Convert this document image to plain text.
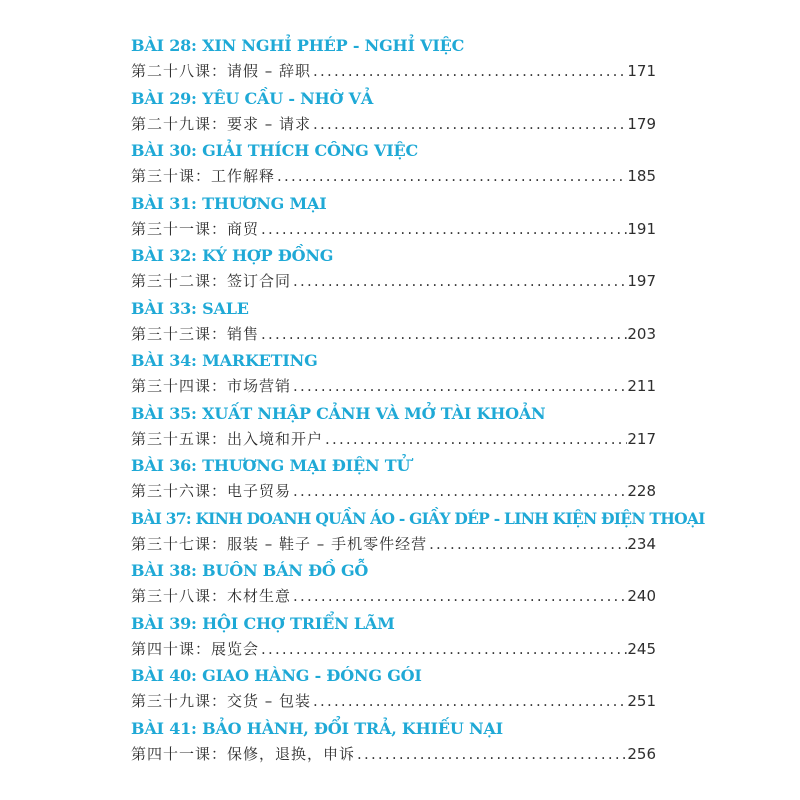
BÀI 28: XIN NGHỈ PHÉP - NGHỈ VIỆC
第二十八课：请假 – 辞职 .....	171
BÀI 29: YÊU CẦU - NHỜ VẢ
第二十九课：要求 – 请求 .....	179
BÀI 30: GIẢI THÍCH CÔNG VIỆC
第三十课：工作解释 .....	185
BÀI 31: THƯƠNG MẠI
第三十一课：商贸 .....	191
BÀI 32: KÝ HỢP ĐỒNG
第三十二课：签订合同 .....	197
BÀI 33: SALE
第三十三课：销售 .....	203
BÀI 34: MARKETING
第三十四课：市场营销 .....	211
BÀI 35: XUẤT NHẬP CẢNH VÀ MỞ TÀI KHOẢN
第三十五课：出入境和开户 .....	217
BÀI 36: THƯƠNG MẠI ĐIỆN TỬ
第三十六课：电子贸易 .....	228
BÀI 37: KINH DOANH QUẦN ÁO - GIẦY DÉP - LINH KIỆN ĐIỆN THOẠI
第三十七课：服装 – 鞋子 – 手机零件经营 .....	234
BÀI 38: BUÔN BÁN ĐỒ GỖ
第三十八课：木材生意 .....	240
BÀI 39: HỘI CHỢ TRIỂN LÃM
第四十课：展览会 .....	245
BÀI 40: GIAO HÀNG - ĐÓNG GÓI
第三十九课：交货 – 包装 .....	251
BÀI 41: BẢO HÀNH, ĐỔI TRẢ, KHIẾU NẠI
第四十一课：保修，退换，申诉 .....	256
